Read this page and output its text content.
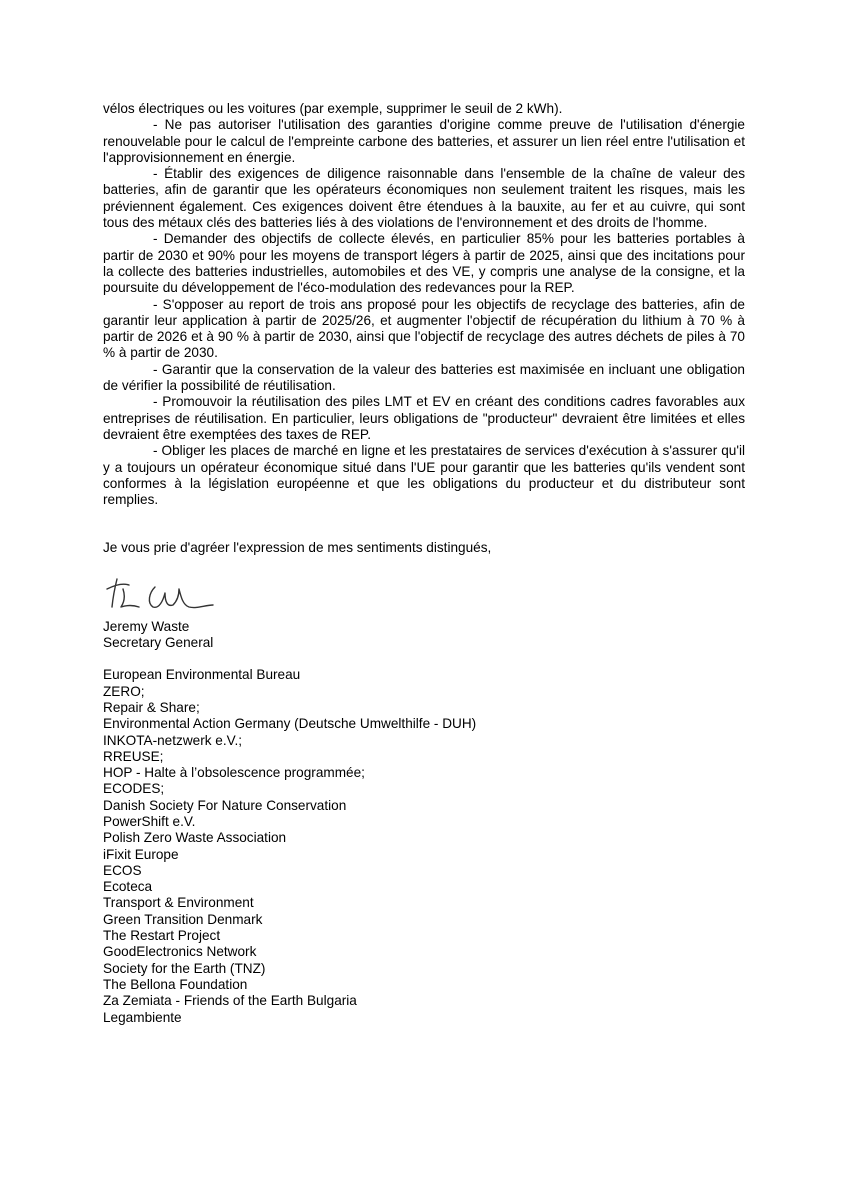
vélos électriques ou les voitures (par exemple, supprimer le seuil de 2 kWh).

- Ne pas autoriser l'utilisation des garanties d'origine comme preuve de l'utilisation d'énergie renouvelable pour le calcul de l'empreinte carbone des batteries, et assurer un lien réel entre l'utilisation et l'approvisionnement en énergie.

- Établir des exigences de diligence raisonnable dans l'ensemble de la chaîne de valeur des batteries, afin de garantir que les opérateurs économiques non seulement traitent les risques, mais les préviennent également. Ces exigences doivent être étendues à la bauxite, au fer et au cuivre, qui sont tous des métaux clés des batteries liés à des violations de l'environnement et des droits de l'homme.

- Demander des objectifs de collecte élevés, en particulier 85% pour les batteries portables à partir de 2030 et 90% pour les moyens de transport légers à partir de 2025, ainsi que des incitations pour la collecte des batteries industrielles, automobiles et des VE, y compris une analyse de la consigne, et la poursuite du développement de l'éco-modulation des redevances pour la REP.

- S'opposer au report de trois ans proposé pour les objectifs de recyclage des batteries, afin de garantir leur application à partir de 2025/26, et augmenter l'objectif de récupération du lithium à 70 % à partir de 2026 et à 90 % à partir de 2030, ainsi que l'objectif de recyclage des autres déchets de piles à 70 % à partir de 2030.

- Garantir que la conservation de la valeur des batteries est maximisée en incluant une obligation de vérifier la possibilité de réutilisation.

- Promouvoir la réutilisation des piles LMT et EV en créant des conditions cadres favorables aux entreprises de réutilisation. En particulier, leurs obligations de "producteur" devraient être limitées et elles devraient être exemptées des taxes de REP.

- Obliger les places de marché en ligne et les prestataires de services d'exécution à s'assurer qu'il y a toujours un opérateur économique situé dans l'UE pour garantir que les batteries qu'ils vendent sont conformes à la législation européenne et que les obligations du producteur et du distributeur sont remplies.

Je vous prie d'agréer l'expression de mes sentiments distingués,

Jeremy Waste
Secretary General
European Environmental Bureau
ZERO;
Repair & Share;
Environmental Action Germany (Deutsche Umwelthilfe - DUH)
INKOTA-netzwerk e.V.;
RREUSE;
HOP - Halte à l’obsolescence programmée;
ECODES;
Danish Society For Nature Conservation
PowerShift e.V.
Polish Zero Waste Association
iFixit Europe
ECOS
Ecoteca
Transport & Environment
Green Transition Denmark
The Restart Project
GoodElectronics Network
Society for the Earth (TNZ)
The Bellona Foundation
Za Zemiata - Friends of the Earth Bulgaria
Legambiente
